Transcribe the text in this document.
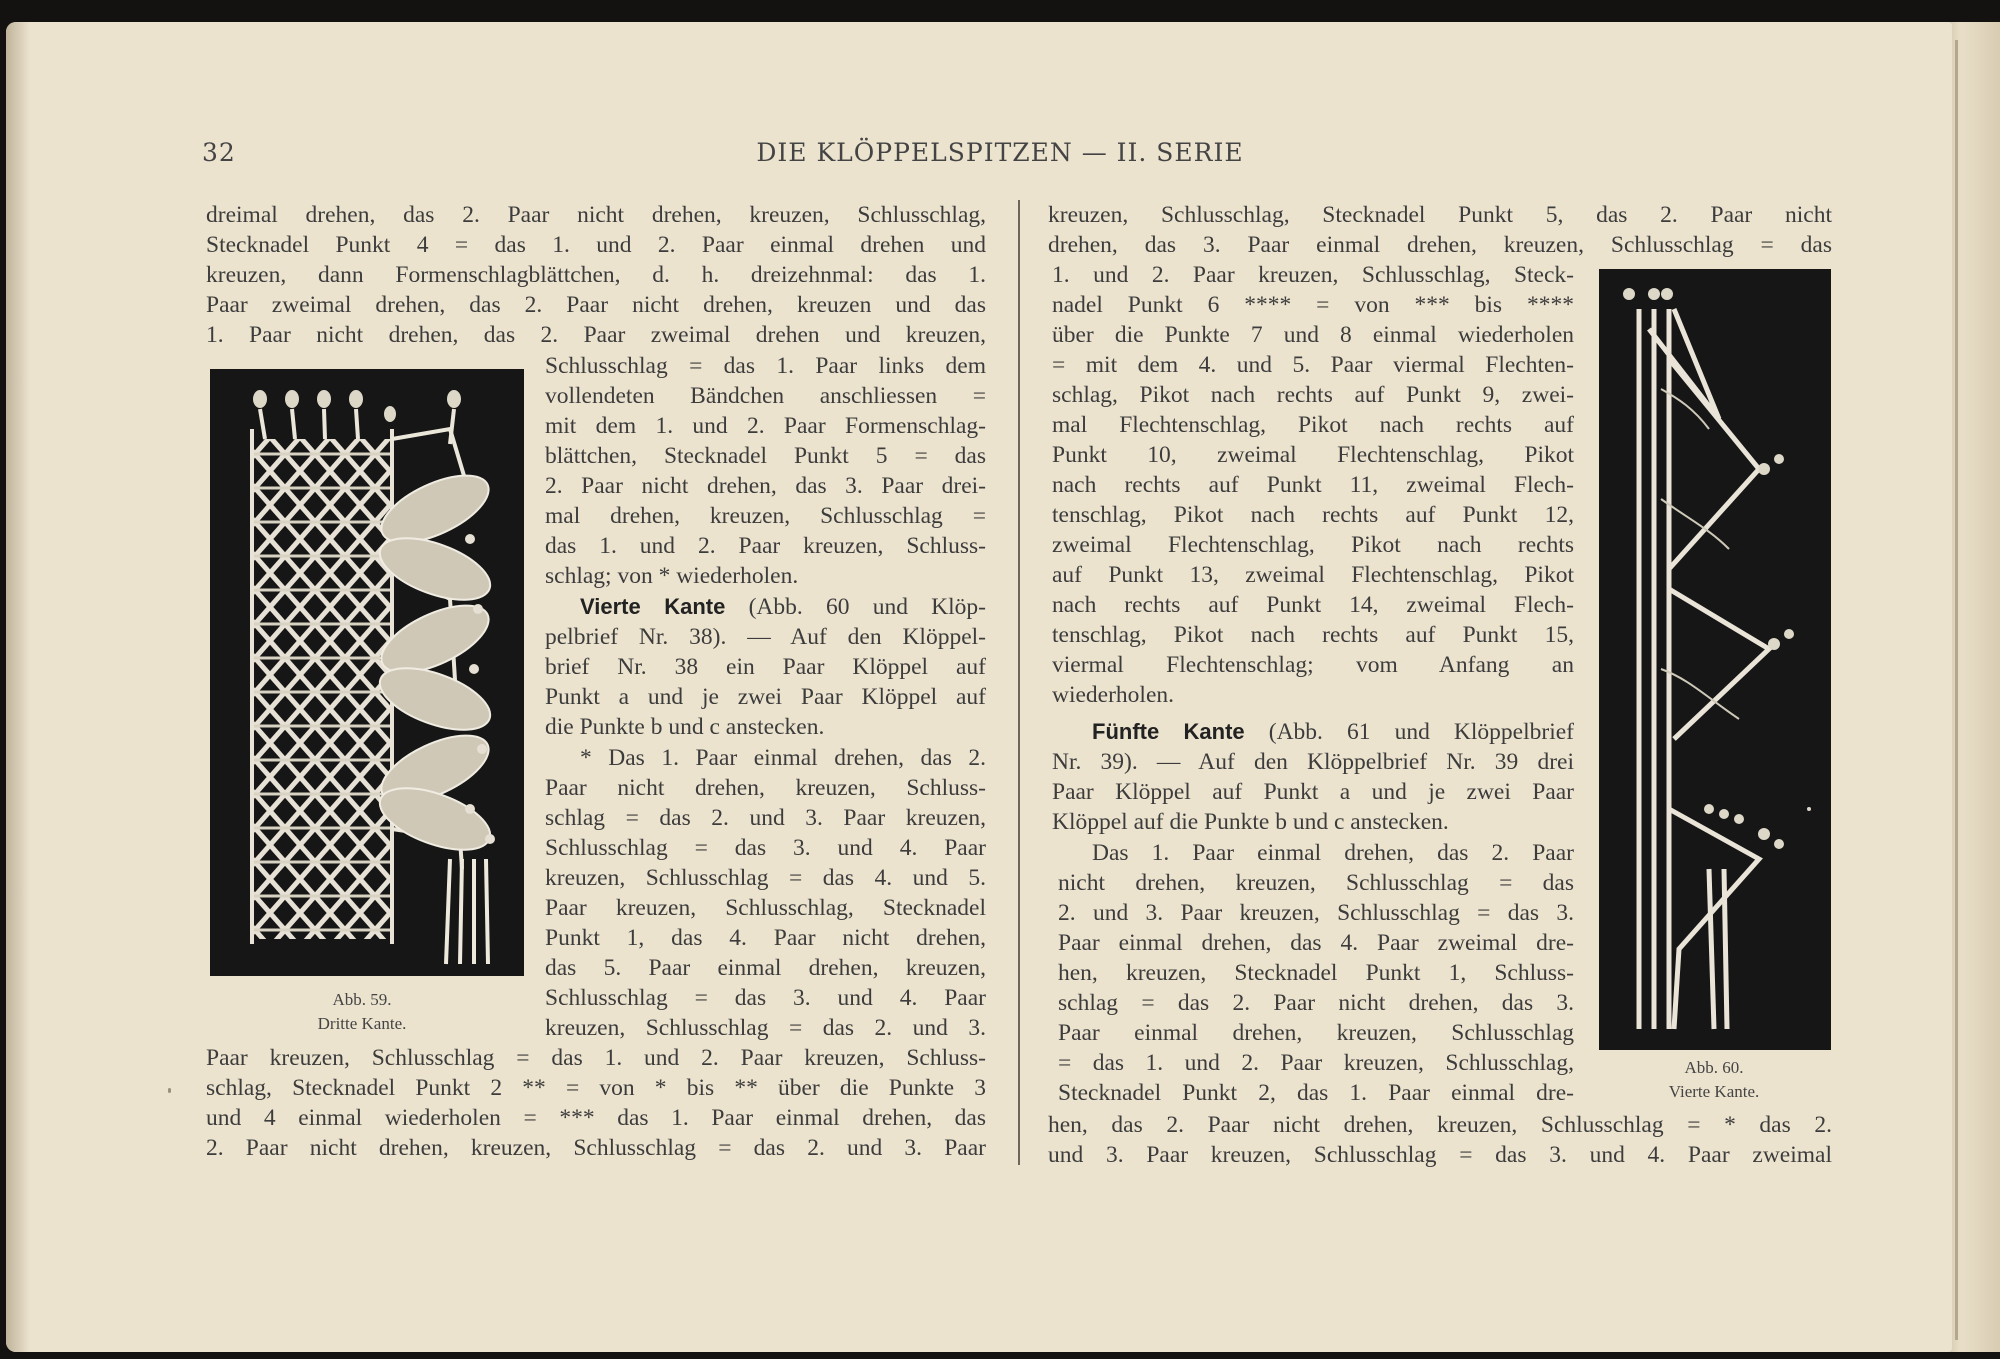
32	DIE KLÖPPELSPITZEN — II. SERIE
Abb. 59.
Dritte Kante.
Abb. 60.
Vierte Kante.
dreimal drehen, das 2. Paar nicht drehen, kreuzen, Schlusschlag,
Stecknadel Punkt 4 = das 1. und 2. Paar einmal drehen und
kreuzen, dann Formenschlagblättchen, d. h. dreizehnmal: das 1.
Paar zweimal drehen, das 2. Paar nicht drehen, kreuzen und das
1. Paar nicht drehen, das 2. Paar zweimal drehen und kreuzen,
Schlusschlag = das 1. Paar links dem
vollendeten Bändchen anschliessen =
mit dem 1. und 2. Paar Formenschlag-
blättchen, Stecknadel Punkt 5 = das
2. Paar nicht drehen, das 3. Paar drei-
mal drehen, kreuzen, Schlusschlag =
das 1. und 2. Paar kreuzen, Schluss-
schlag; von * wiederholen.
Vierte Kante (Abb. 60 und Klöp-
pelbrief Nr. 38). — Auf den Klöppel-
brief Nr. 38 ein Paar Klöppel auf
Punkt a und je zwei Paar Klöppel auf
die Punkte b und c anstecken.
* Das 1. Paar einmal drehen, das 2.
Paar nicht drehen, kreuzen, Schluss-
schlag = das 2. und 3. Paar kreuzen,
Schlusschlag = das 3. und 4. Paar
kreuzen, Schlusschlag = das 4. und 5.
Paar kreuzen, Schlusschlag, Stecknadel
Punkt 1, das 4. Paar nicht drehen,
das 5. Paar einmal drehen, kreuzen,
Schlusschlag = das 3. und 4. Paar
kreuzen, Schlusschlag = das 2. und 3.
Paar kreuzen, Schlusschlag = das 1. und 2. Paar kreuzen, Schluss-
schlag, Stecknadel Punkt 2 ** = von * bis ** über die Punkte 3
und 4 einmal wiederholen = *** das 1. Paar einmal drehen, das
2. Paar nicht drehen, kreuzen, Schlusschlag = das 2. und 3. Paar
kreuzen, Schlusschlag, Stecknadel Punkt 5, das 2. Paar nicht
drehen, das 3. Paar einmal drehen, kreuzen, Schlusschlag = das
1. und 2. Paar kreuzen, Schlusschlag, Steck-
nadel Punkt 6 **** = von *** bis ****
über die Punkte 7 und 8 einmal wiederholen
= mit dem 4. und 5. Paar viermal Flechten-
schlag, Pikot nach rechts auf Punkt 9, zwei-
mal Flechtenschlag, Pikot nach rechts auf
Punkt 10, zweimal Flechtenschlag, Pikot
nach rechts auf Punkt 11, zweimal Flech-
tenschlag, Pikot nach rechts auf Punkt 12,
zweimal Flechtenschlag, Pikot nach rechts
auf Punkt 13, zweimal Flechtenschlag, Pikot
nach rechts auf Punkt 14, zweimal Flech-
tenschlag, Pikot nach rechts auf Punkt 15,
viermal Flechtenschlag; vom Anfang an
wiederholen.
Fünfte Kante (Abb. 61 und Klöppelbrief
Nr. 39). — Auf den Klöppelbrief Nr. 39 drei
Paar Klöppel auf Punkt a und je zwei Paar
Klöppel auf die Punkte b und c anstecken.
Das 1. Paar einmal drehen, das 2. Paar
nicht drehen, kreuzen, Schlusschlag = das
2. und 3. Paar kreuzen, Schlusschlag = das 3.
Paar einmal drehen, das 4. Paar zweimal dre-
hen, kreuzen, Stecknadel Punkt 1, Schluss-
schlag = das 2. Paar nicht drehen, das 3.
Paar einmal drehen, kreuzen, Schlusschlag
= das 1. und 2. Paar kreuzen, Schlusschlag,
Stecknadel Punkt 2, das 1. Paar einmal dre-
hen, das 2. Paar nicht drehen, kreuzen, Schlusschlag = * das 2.
und 3. Paar kreuzen, Schlusschlag = das 3. und 4. Paar zweimal
